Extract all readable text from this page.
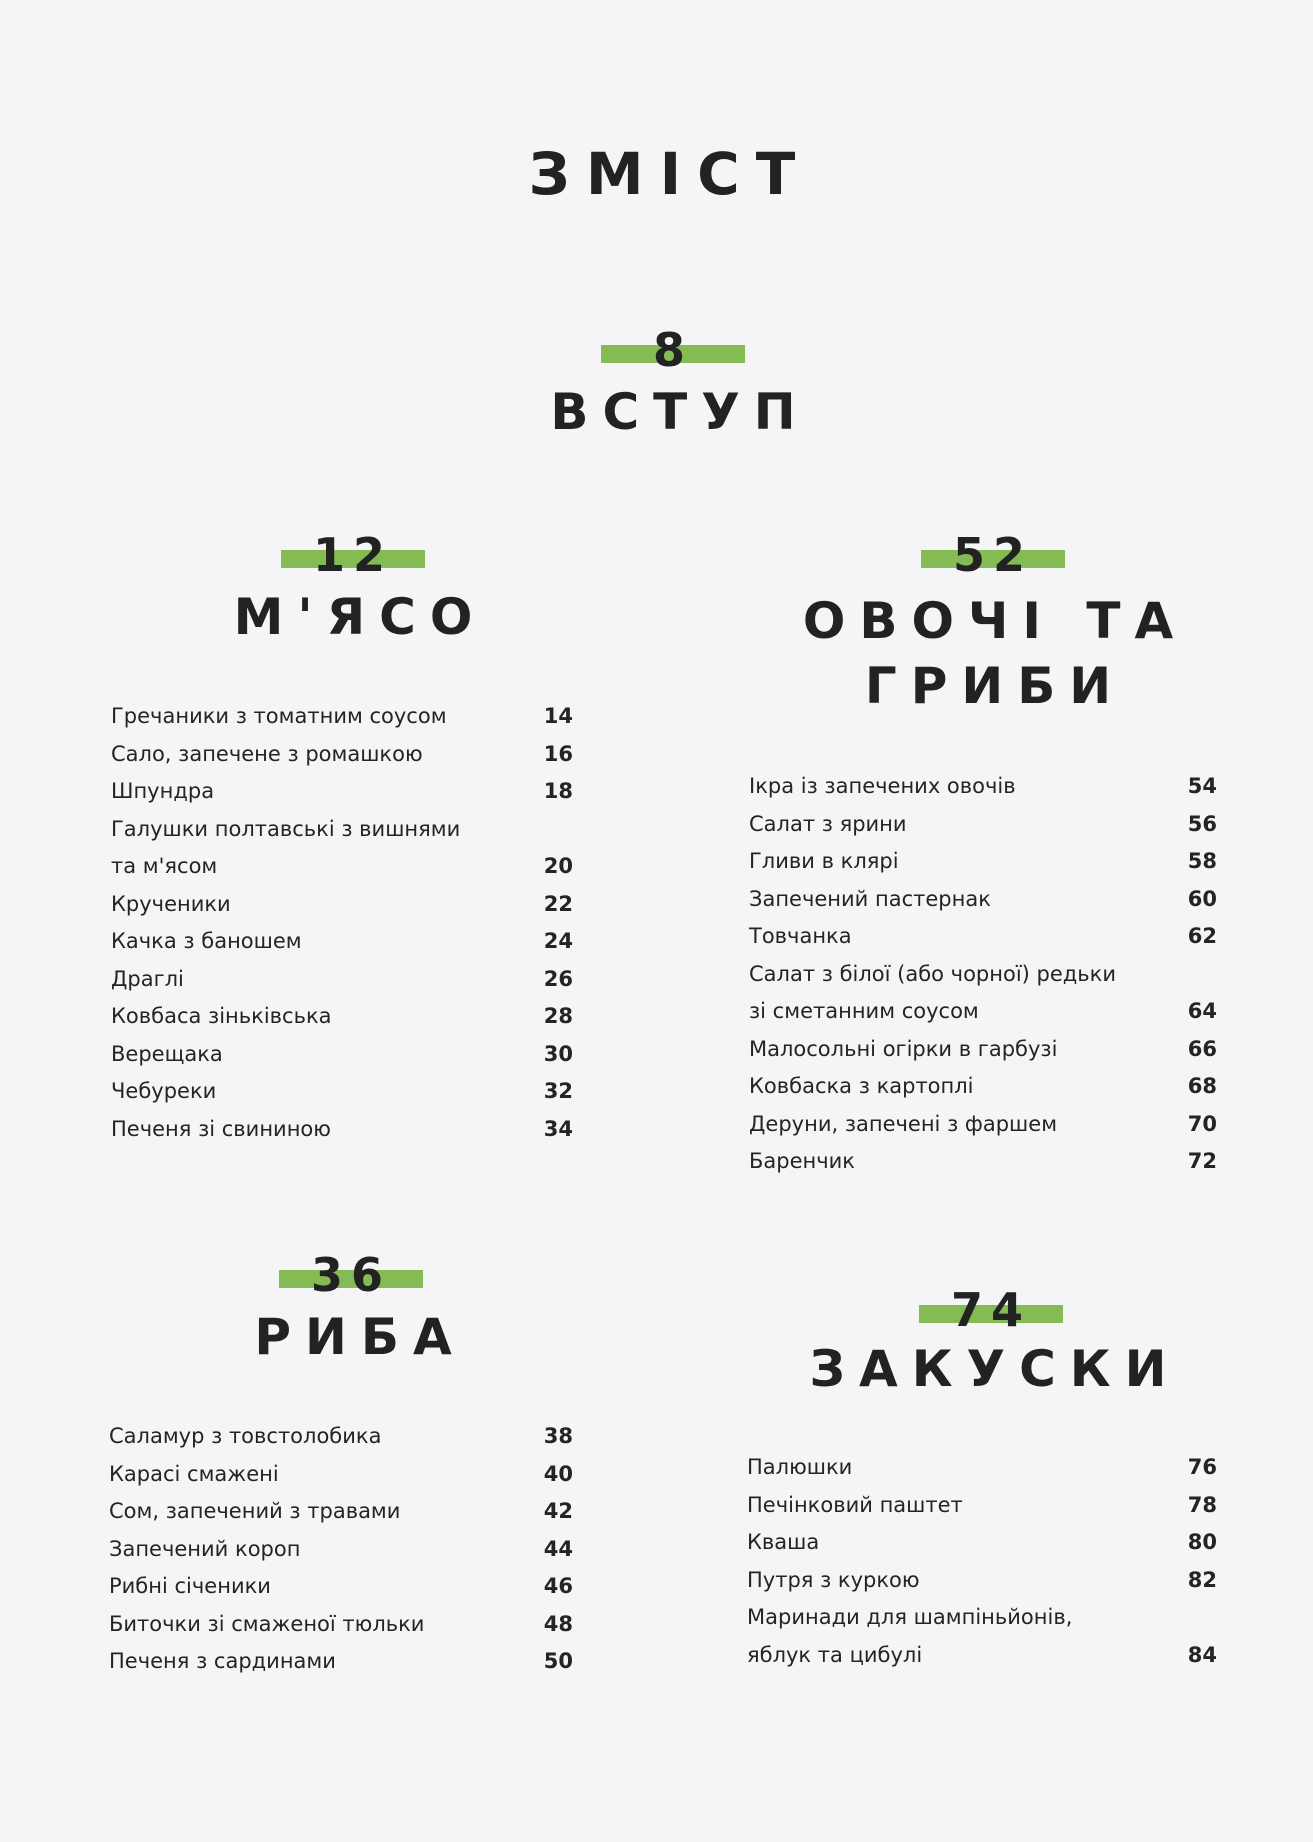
ЗМІСТ
8
ВСТУП
12
М'ЯСО
Гречаники з томатним соусом	14
Сало, запечене з ромашкою	16
Шпундра	18
Галушки полтавські з вишнями
та м'ясом	20
Крученики	22
Качка з баношем	24
Драглі	26
Ковбаса зіньківська	28
Верещака	30
Чебуреки	32
Печеня зі свининою	34
52
ОВОЧІ ТА
ГРИБИ
Ікра із запечених овочів	54
Салат з ярини	56
Гливи в клярі	58
Запечений пастернак	60
Товчанка	62
Салат з білої (або чорної) редьки
зі сметанним соусом	64
Малосольні огірки в гарбузі	66
Ковбаска з картоплі	68
Деруни, запечені з фаршем	70
Баренчик	72
36
РИБА
Саламур з товстолобика	38
Карасі смажені	40
Сом, запечений з травами	42
Запечений короп	44
Рибні січеники	46
Биточки зі смаженої тюльки	48
Печеня з сардинами	50
74
ЗАКУСКИ
Палюшки	76
Печінковий паштет	78
Кваша	80
Путря з куркою	82
Маринади для шампіньйонів,
яблук та цибулі	84
